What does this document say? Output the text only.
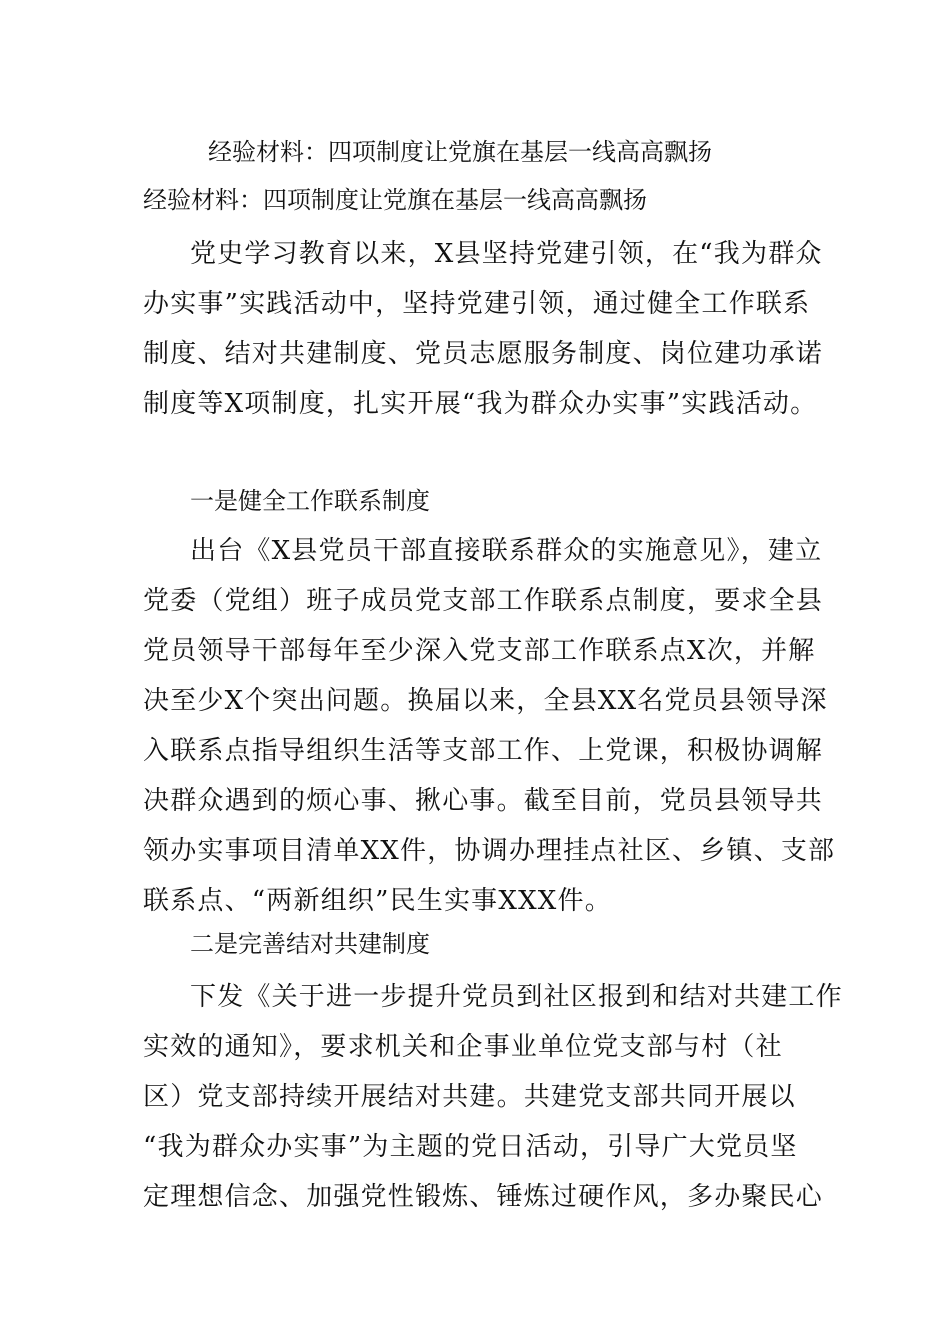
经验材料：四项制度让党旗在基层一线高高飘扬

经验材料：四项制度让党旗在基层一线高高飘扬

党史学习教育以来，X县坚持党建引领，在“我为群众
办实事”实践活动中，坚持党建引领，通过健全工作联系
制度、结对共建制度、党员志愿服务制度、岗位建功承诺
制度等X项制度，扎实开展“我为群众办实事”实践活动。

一是健全工作联系制度

出台《X县党员干部直接联系群众的实施意见》，建立
党委（党组）班子成员党支部工作联系点制度，要求全县
党员领导干部每年至少深入党支部工作联系点X次，并解
决至少X个突出问题。换届以来，全县XX名党员县领导深
入联系点指导组织生活等支部工作、上党课，积极协调解
决群众遇到的烦心事、揪心事。截至目前，党员县领导共
领办实事项目清单XX件，协调办理挂点社区、乡镇、支部
联系点、“两新组织”民生实事XXX件。

二是完善结对共建制度

下发《关于进一步提升党员到社区报到和结对共建工作
实效的通知》，要求机关和企事业单位党支部与村（社
区）党支部持续开展结对共建。共建党支部共同开展以
“我为群众办实事”为主题的党日活动，引导广大党员坚
定理想信念、加强党性锻炼、锤炼过硬作风，多办聚民心
